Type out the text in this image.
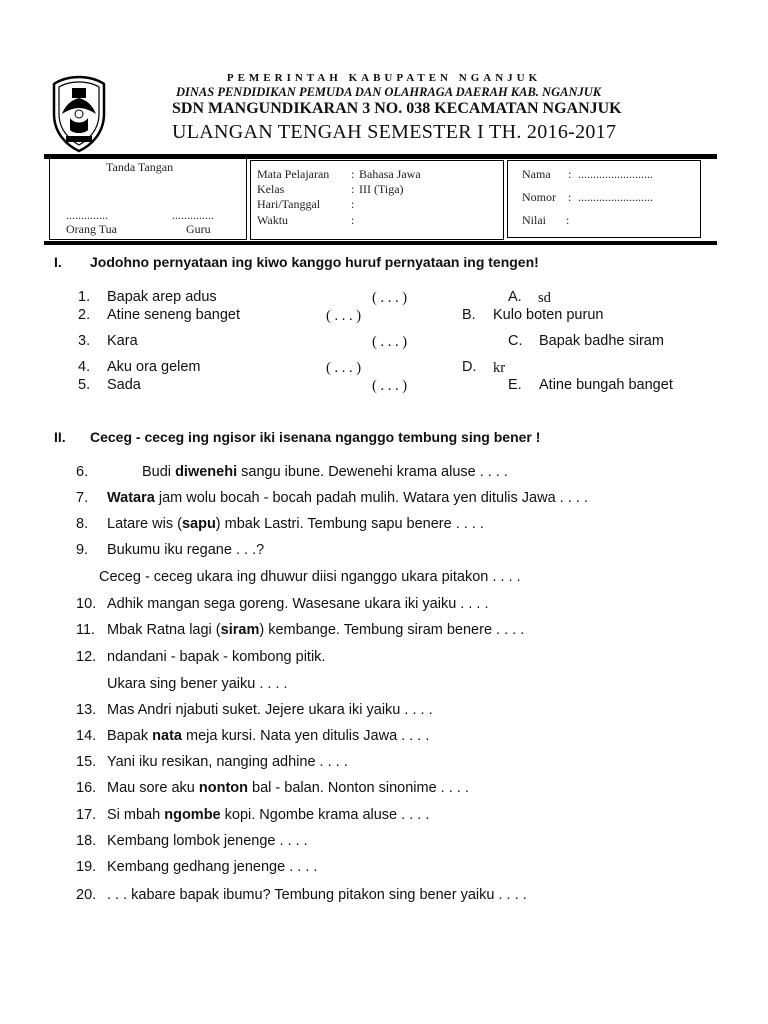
PEMERINTAH KABUPATEN NGANJUK
DINAS PENDIDIKAN PEMUDA DAN OLAHRAGA DAERAH KAB. NGANJUK
SDN MANGUNDIKARAN 3 NO. 038 KECAMATAN NGANJUK
ULANGAN TENGAH SEMESTER I TH. 2016-2017
Tanda Tangan
..............	..............
Orang Tua	Guru
Mata Pelajaran : Bahasa Jawa
Kelas	: III (Tiga)
Hari/Tanggal	:
Waktu	:
Nama : .........................
Nomor : .........................
Nilai :
I. Jodohno pernyataan ing kiwo kanggo huruf pernyataan ing tengen!
1. Bapak arep adus	( . . . )	A. sd
2. Atine seneng banget	( . . . )	B. Kulo boten purun
3. Kara	( . . . )	C. Bapak badhe siram
4. Aku ora gelem	( . . . )	D. kr
5. Sada	( . . . )	E. Atine bungah banget
II. Ceceg - ceceg ing ngisor iki isenana nganggo tembung sing bener !
6.	Budi diwenehi sangu ibune. Dewenehi krama aluse . . . .
7. Watara jam wolu bocah - bocah padah mulih. Watara yen ditulis Jawa . . . .
8. Latare wis (sapu) mbak Lastri. Tembung sapu benere . . . .
9. Bukumu iku regane . . .?
Ceceg - ceceg ukara ing dhuwur diisi nganggo ukara pitakon . . . .
10. Adhik mangan sega goreng. Wasesane ukara iki yaiku . . . .
11. Mbak Ratna lagi (siram) kembange. Tembung siram benere . . . .
12. ndandani - bapak - kombong pitik.
Ukara sing bener yaiku . . . .
13. Mas Andri njabuti suket. Jejere ukara iki yaiku . . . .
14. Bapak nata meja kursi. Nata yen ditulis Jawa . . . .
15. Yani iku resikan, nanging adhine . . . .
16. Mau sore aku nonton bal - balan. Nonton sinonime . . . .
17. Si mbah ngombe kopi. Ngombe krama aluse . . . .
18. Kembang lombok jenenge . . . .
19. Kembang gedhang jenenge . . . .
20. . . . kabare bapak ibumu? Tembung pitakon sing bener yaiku . . . .
